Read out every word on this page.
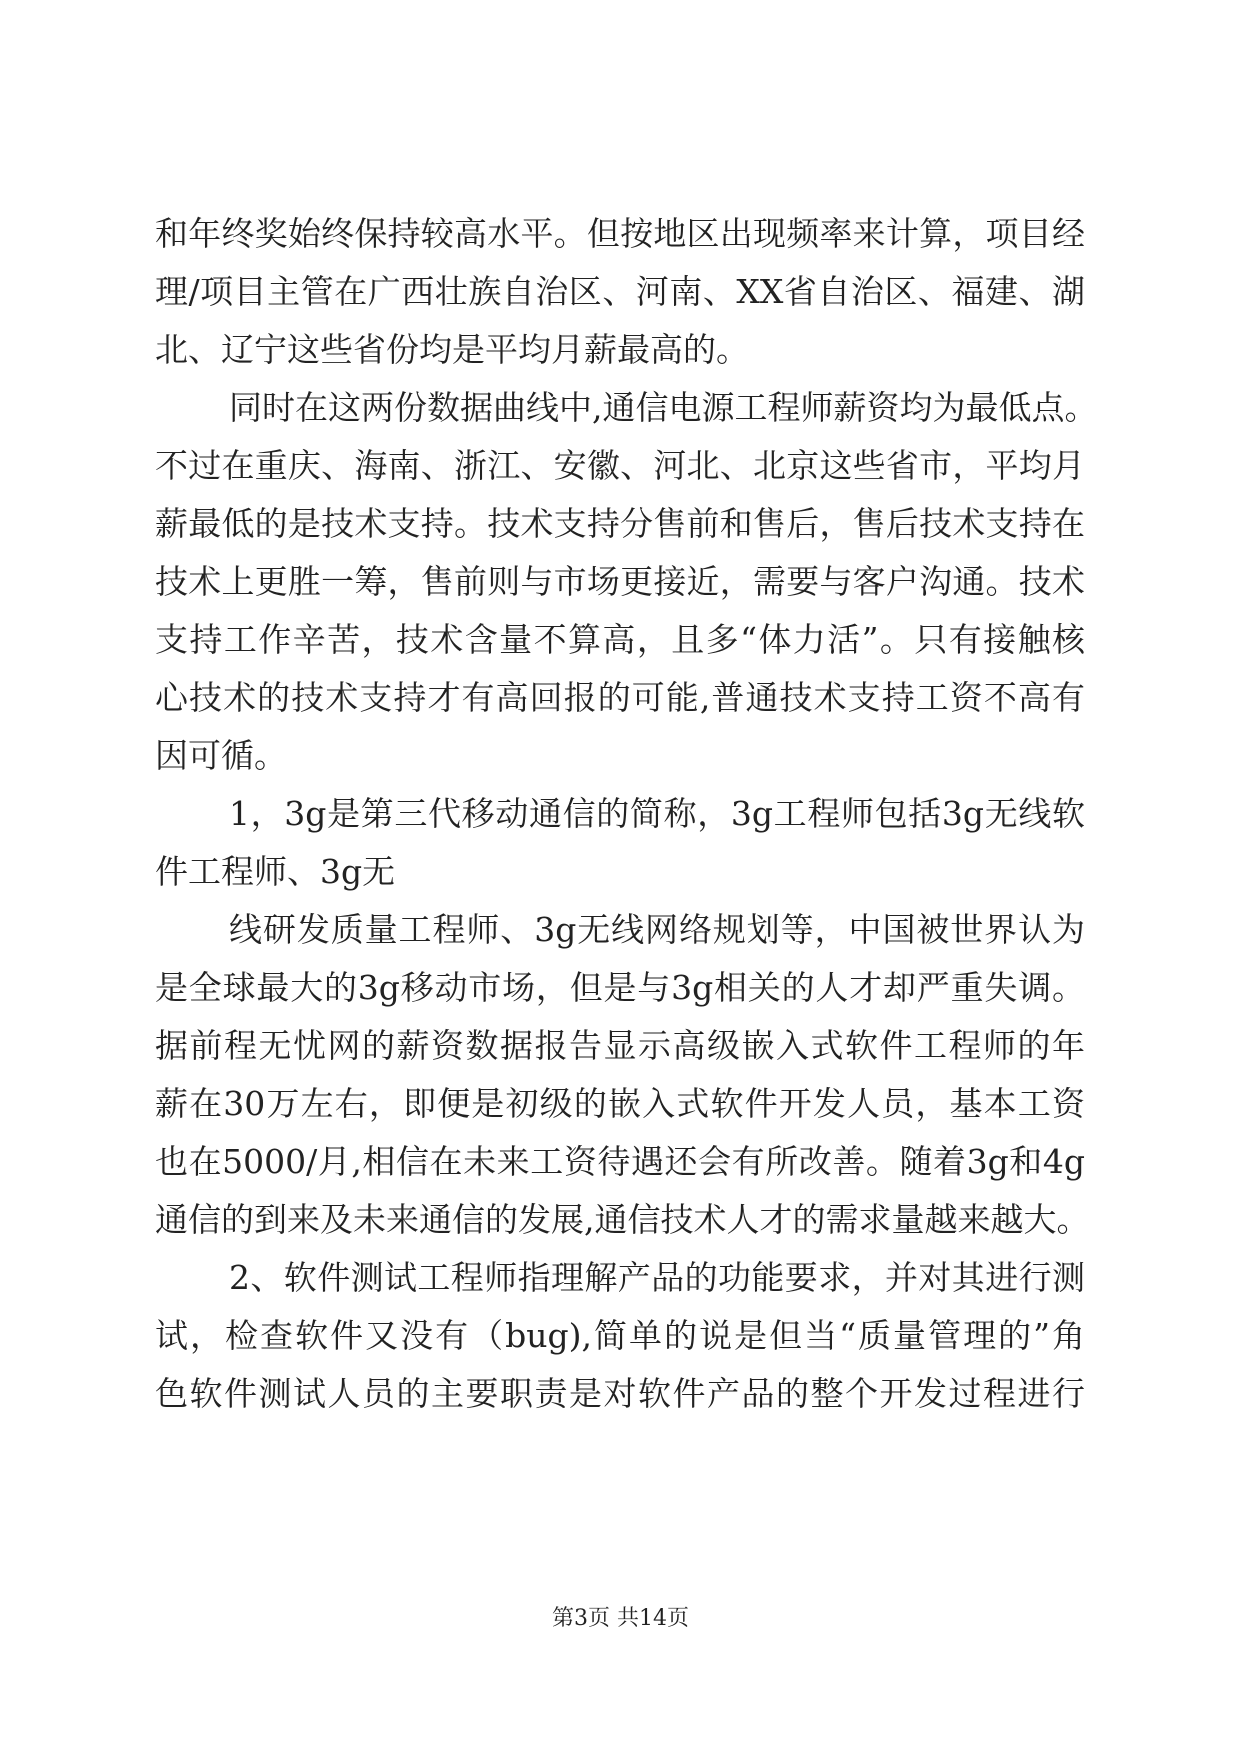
和年终奖始终保持较高水平。但按地区出现频率来计算，项目经
理/项目主管在广西壮族自治区、河南、XX省自治区、福建、湖
北、辽宁这些省份均是平均月薪最高的。
同时在这两份数据曲线中,通信电源工程师薪资均为最低点。
不过在重庆、海南、浙江、安徽、河北、北京这些省市，平均月
薪最低的是技术支持。技术支持分售前和售后，售后技术支持在
技术上更胜一筹，售前则与市场更接近，需要与客户沟通。技术
支持工作辛苦，技术含量不算高，且多“体力活”。只有接触核
心技术的技术支持才有高回报的可能,普通技术支持工资不高有
因可循。
1，3g是第三代移动通信的简称，3g工程师包括3g无线软
件工程师、3g无
线研发质量工程师、3g无线网络规划等，中国被世界认为
是全球最大的3g移动市场，但是与3g相关的人才却严重失调。
据前程无忧网的薪资数据报告显示高级嵌入式软件工程师的年
薪在30万左右，即便是初级的嵌入式软件开发人员，基本工资
也在5000/月,相信在未来工资待遇还会有所改善。随着3g和4g
通信的到来及未来通信的发展,通信技术人才的需求量越来越大。
2、软件测试工程师指理解产品的功能要求，并对其进行测
试，检查软件又没有（bug),简单的说是但当“质量管理的”角
色软件测试人员的主要职责是对软件产品的整个开发过程进行
第3页 共14页
